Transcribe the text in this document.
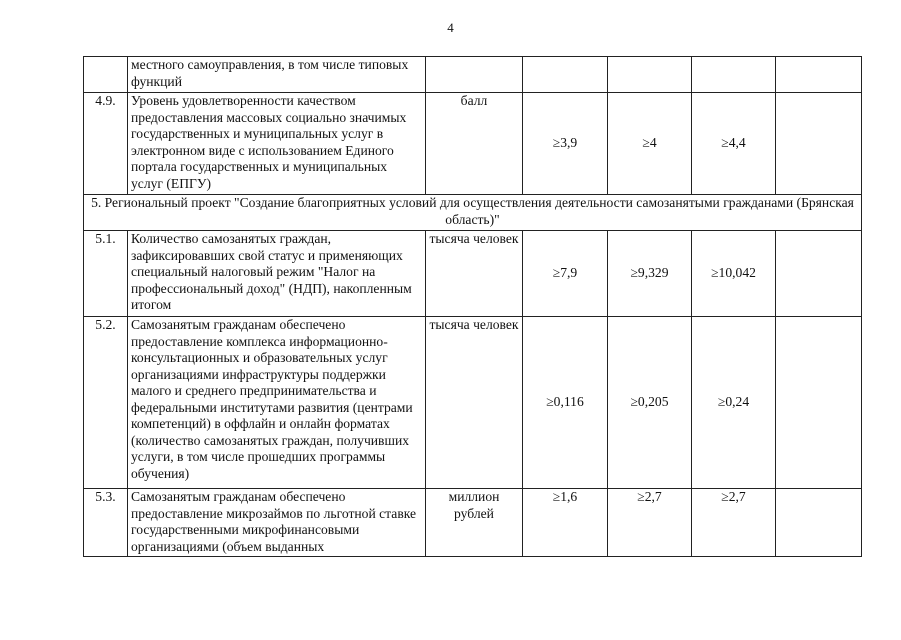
4
	местного самоуправления, в том числе типовых функций					
4.9.	Уровень удовлетворенности качеством предоставления массовых социально значимых государственных и муниципальных услуг в электронном виде с использованием Единого портала государственных и муниципальных услуг (ЕПГУ)	балл	≥3,9	≥4	≥4,4	
5. Региональный проект "Создание благоприятных условий для осуществления деятельности самозанятыми гражданами (Брянская область)"						
5.1.	Количество самозанятых граждан, зафиксировавших свой статус и применяющих специальный налоговый режим "Налог на профессиональный доход" (НДП), накопленным итогом	тысяча человек	≥7,9	≥9,329	≥10,042	
5.2.	Самозанятым гражданам обеспечено предоставление комплекса информационно-консультационных и образовательных услуг организациями инфраструктуры поддержки малого и среднего предпринимательства и федеральными институтами развития (центрами компетенций) в оффлайн и онлайн форматах (количество самозанятых граждан, получивших услуги, в том числе прошедших программы обучения)	тысяча человек	≥0,116	≥0,205	≥0,24	
5.3.	Самозанятым гражданам обеспечено предоставление микрозаймов по льготной ставке государственными микрофинансовыми организациями (объем выданных	миллион рублей	≥1,6	≥2,7	≥2,7	
